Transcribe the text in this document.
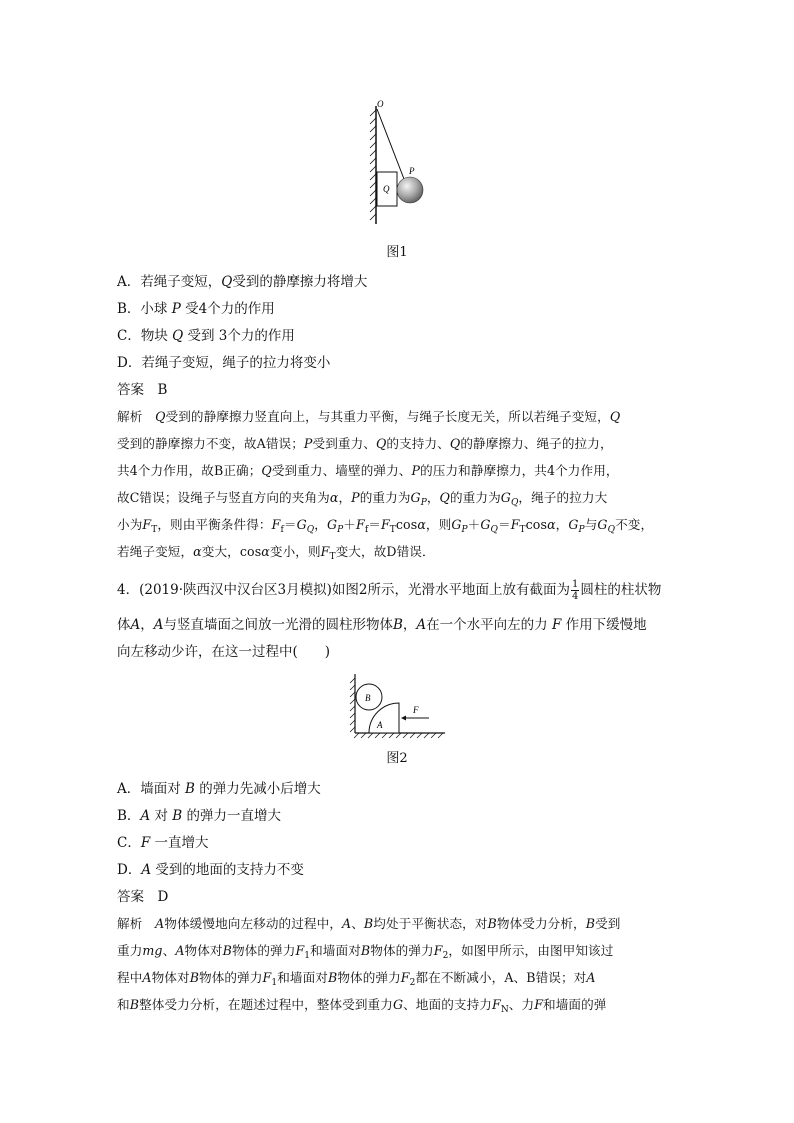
O
P
Q
图1
A．若绳子变短，Q受到的静摩擦力将增大
B．小球 P 受4个力的作用
C．物块 Q 受到 3个力的作用
D．若绳子变短，绳子的拉力将变小
答案　 B
解析　 Q受到的静摩擦力竖直向上，与其重力平衡，与绳子长度无关，所以若绳子变短，Q
受到的静摩擦力不变，故A错误；P受到重力、Q的支持力、Q的静摩擦力、绳子的拉力，
共4个力作用，故B正确；Q受到重力、墙壁的弹力、P的压力和静摩擦力，共4个力作用，
故C错误；设绳子与竖直方向的夹角为α，P的重力为$G_P$，Q的重力为$G_Q$，绳子的拉力大
小为$F_T$，则由平衡条件得：$F_f=G_Q$，$G_P+F_f=F_T\cos\alpha$，则$G_P+G_Q=F_T\cos\alpha$，$G_P$与$G_Q$不变，
若绳子变短，α变大，cosα变小，则$F_T$变大，故D错误．
4．(2019·陕西汉中汉台区3月模拟)如图2所示，光滑水平地面上放有截面为 $\frac{1}{4}$ 圆柱的柱状物
体A，A与竖直墙面之间放一光滑的圆柱形物体B，A在一个水平向左的力 F 作用下缓慢地
向左移动少许，在这一过程中(　　)
B
A
F
图2
A．墙面对 B 的弹力先减小后增大
B．A 对 B 的弹力一直增大
C．F 一直增大
D．A 受到的地面的支持力不变
答案　 D
解析　 A物体缓慢地向左移动的过程中，A、B均处于平衡状态，对B物体受力分析，B受到
重力mg、A物体对B物体的弹力$F_1$和墙面对B物体的弹力$F_2$，如图甲所示，由图甲知该过
程中A物体对B物体的弹力$F_1$和墙面对B物体的弹力$F_2$都在不断减小，A、B错误；对A
和B整体受力分析，在题述过程中，整体受到重力G、地面的支持力$F_N$、力F和墙面的弹
